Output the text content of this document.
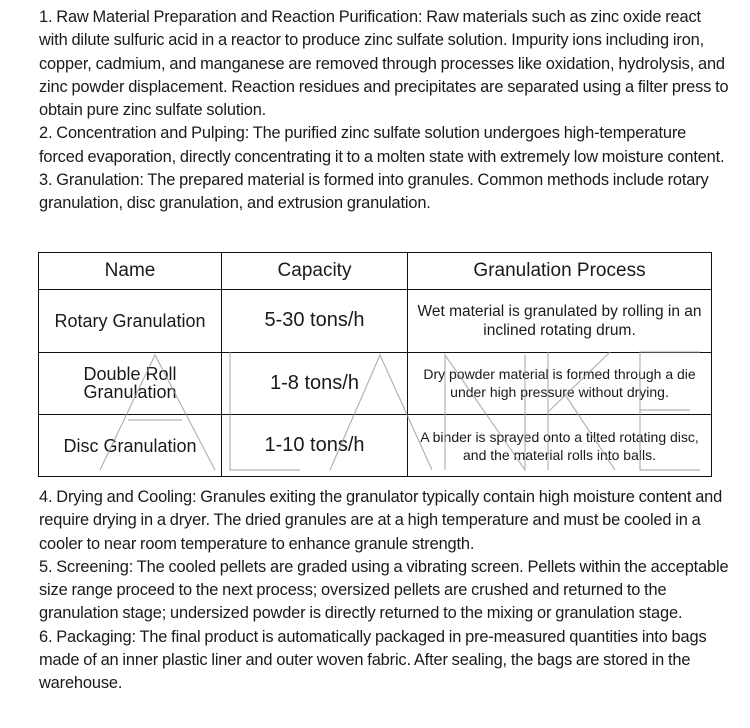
1. Raw Material Preparation and Reaction Purification: Raw materials such as zinc oxide react with dilute sulfuric acid in a reactor to produce zinc sulfate solution. Impurity ions including iron, copper, cadmium, and manganese are removed through processes like oxidation, hydrolysis, and zinc powder displacement. Reaction residues and precipitates are separated using a filter press to obtain pure zinc sulfate solution.
2. Concentration and Pulping: The purified zinc sulfate solution undergoes high-temperature forced evaporation, directly concentrating it to a molten state with extremely low moisture content.
3. Granulation: The prepared material is formed into granules. Common methods include rotary granulation, disc granulation, and extrusion granulation.
Name	Capacity	Granulation Process
Rotary Granulation	5-30 tons/h	Wet material is granulated by rolling in an inclined rotating drum.
Double Roll Granulation	1-8 tons/h	Dry powder material is formed through a die under high pressure without drying.
Disc Granulation	1-10 tons/h	A binder is sprayed onto a tilted rotating disc, and the material rolls into balls.
4. Drying and Cooling: Granules exiting the granulator typically contain high moisture content and require drying in a dryer. The dried granules are at a high temperature and must be cooled in a cooler to near room temperature to enhance granule strength.
5. Screening: The cooled pellets are graded using a vibrating screen. Pellets within the acceptable size range proceed to the next process; oversized pellets are crushed and returned to the granulation stage; undersized powder is directly returned to the mixing or granulation stage.
6. Packaging: The final product is automatically packaged in pre-measured quantities into bags made of an inner plastic liner and outer woven fabric. After sealing, the bags are stored in the warehouse.
